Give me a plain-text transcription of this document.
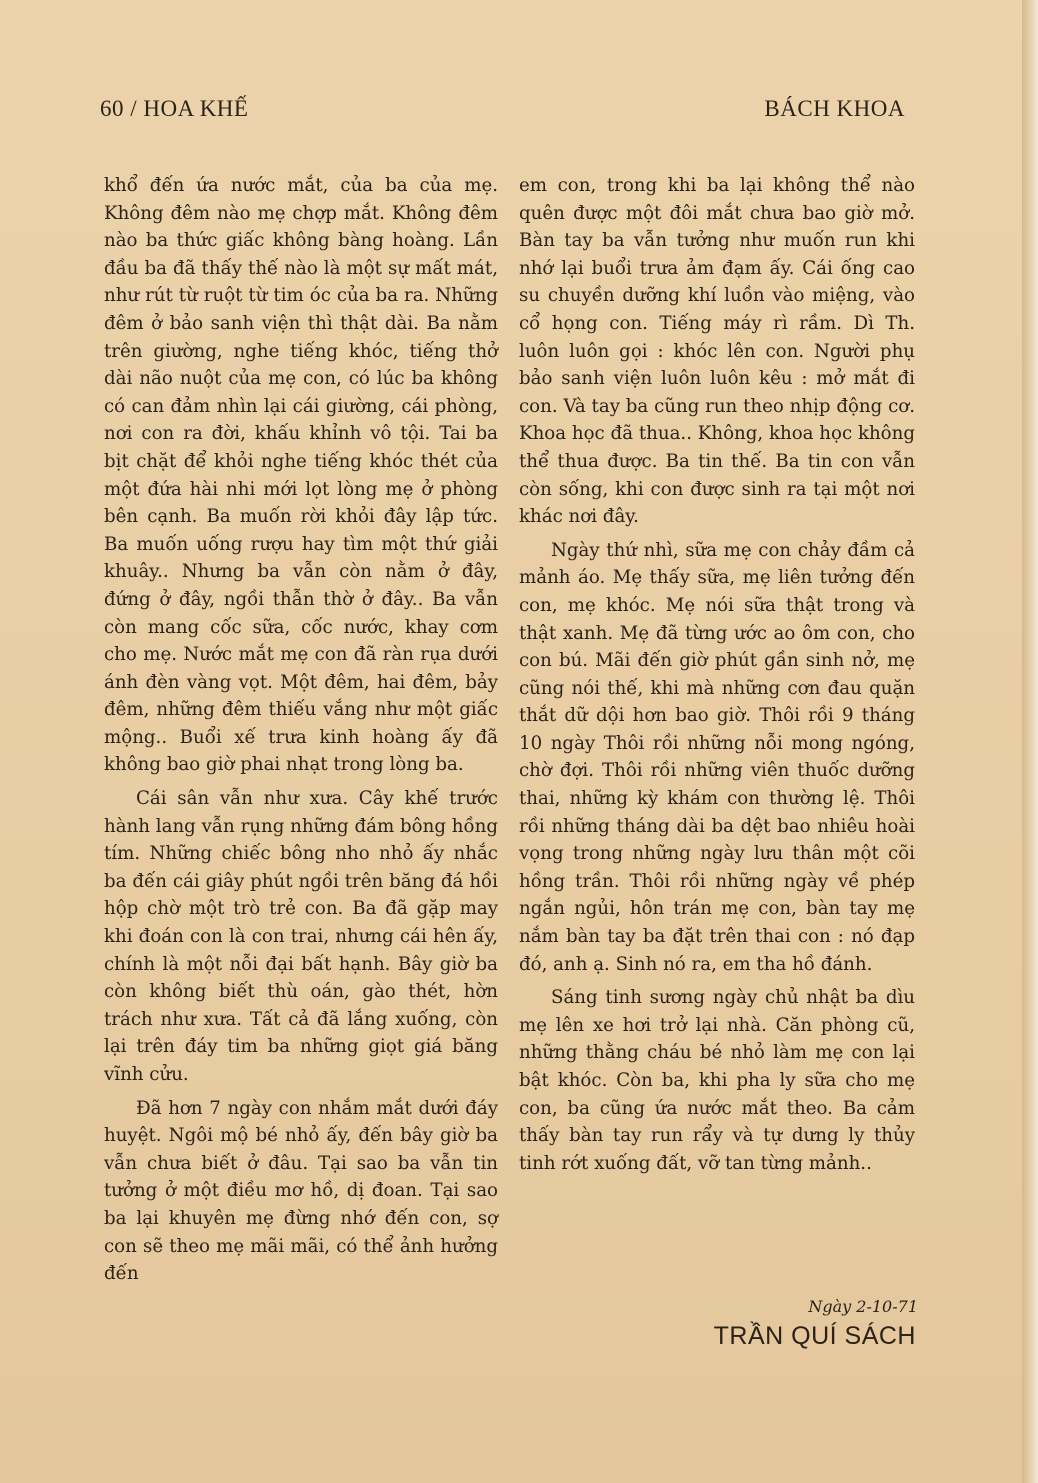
60 / HOA KHẾ	BÁCH KHOA

khổ đến ứa nước mắt, của ba của mẹ. Không đêm nào mẹ chợp mắt. Không đêm nào ba thức giấc không bàng hoàng. Lần đầu ba đã thấy thế nào là một sự mất mát, như rút từ ruột từ tim óc của ba ra. Những đêm ở bảo sanh viện thì thật dài. Ba nằm trên giường, nghe tiếng khóc, tiếng thở dài não nuột của mẹ con, có lúc ba không có can đảm nhìn lại cái giường, cái phòng, nơi con ra đời, khấu khỉnh vô tội. Tai ba bịt chặt để khỏi nghe tiếng khóc thét của một đứa hài nhi mới lọt lòng mẹ ở phòng bên cạnh. Ba muốn rời khỏi đây lập tức. Ba muốn uống rượu hay tìm một thứ giải khuây.. Nhưng ba vẫn còn nằm ở đây, đứng ở đây, ngồi thẫn thờ ở đây.. Ba vẫn còn mang cốc sữa, cốc nước, khay cơm cho mẹ. Nước mắt mẹ con đã ràn rụa dưới ánh đèn vàng vọt. Một đêm, hai đêm, bảy đêm, những đêm thiếu vắng như một giấc mộng.. Buổi xế trưa kinh hoàng ấy đã không bao giờ phai nhạt trong lòng ba.

Cái sân vẫn như xưa. Cây khế trước hành lang vẫn rụng những đám bông hồng tím. Những chiếc bông nho nhỏ ấy nhắc ba đến cái giây phút ngồi trên băng đá hồi hộp chờ một trò trẻ con. Ba đã gặp may khi đoán con là con trai, nhưng cái hên ấy, chính là một nỗi đại bất hạnh. Bây giờ ba còn không biết thù oán, gào thét, hờn trách như xưa. Tất cả đã lắng xuống, còn lại trên đáy tim ba những giọt giá băng vĩnh cửu.

Đã hơn 7 ngày con nhắm mắt dưới đáy huyệt. Ngôi mộ bé nhỏ ấy, đến bây giờ ba vẫn chưa biết ở đâu. Tại sao ba vẫn tin tưởng ở một điều mơ hồ, dị đoan. Tại sao ba lại khuyên mẹ đừng nhớ đến con, sợ con sẽ theo mẹ mãi mãi, có thể ảnh hưởng đến

em con, trong khi ba lại không thể nào quên được một đôi mắt chưa bao giờ mở. Bàn tay ba vẫn tưởng như muốn run khi nhớ lại buổi trưa ảm đạm ấy. Cái ống cao su chuyền dưỡng khí luồn vào miệng, vào cổ họng con. Tiếng máy rì rầm. Dì Th. luôn luôn gọi : khóc lên con. Người phụ bảo sanh viện luôn luôn kêu : mở mắt đi con. Và tay ba cũng run theo nhịp động cơ. Khoa học đã thua.. Không, khoa học không thể thua được. Ba tin thế. Ba tin con vẫn còn sống, khi con được sinh ra tại một nơi khác nơi đây.

Ngày thứ nhì, sữa mẹ con chảy đầm cả mảnh áo. Mẹ thấy sữa, mẹ liên tưởng đến con, mẹ khóc. Mẹ nói sữa thật trong và thật xanh. Mẹ đã từng ước ao ôm con, cho con bú. Mãi đến giờ phút gần sinh nở, mẹ cũng nói thế, khi mà những cơn đau quặn thắt dữ dội hơn bao giờ. Thôi rồi 9 tháng 10 ngày Thôi rồi những nỗi mong ngóng, chờ đợi. Thôi rồi những viên thuốc dưỡng thai, những kỳ khám con thường lệ. Thôi rồi những tháng dài ba dệt bao nhiêu hoài vọng trong những ngày lưu thân một cõi hồng trần. Thôi rồi những ngày về phép ngắn ngủi, hôn trán mẹ con, bàn tay mẹ nắm bàn tay ba đặt trên thai con : nó đạp đó, anh ạ. Sinh nó ra, em tha hồ đánh.

Sáng tinh sương ngày chủ nhật ba dìu mẹ lên xe hơi trở lại nhà. Căn phòng cũ, những thằng cháu bé nhỏ làm mẹ con lại bật khóc. Còn ba, khi pha ly sữa cho mẹ con, ba cũng ứa nước mắt theo. Ba cảm thấy bàn tay run rẩy và tự dưng ly thủy tinh rớt xuống đất, vỡ tan từng mảnh..

Ngày 2-10-71
TRẦN QUÍ SÁCH
